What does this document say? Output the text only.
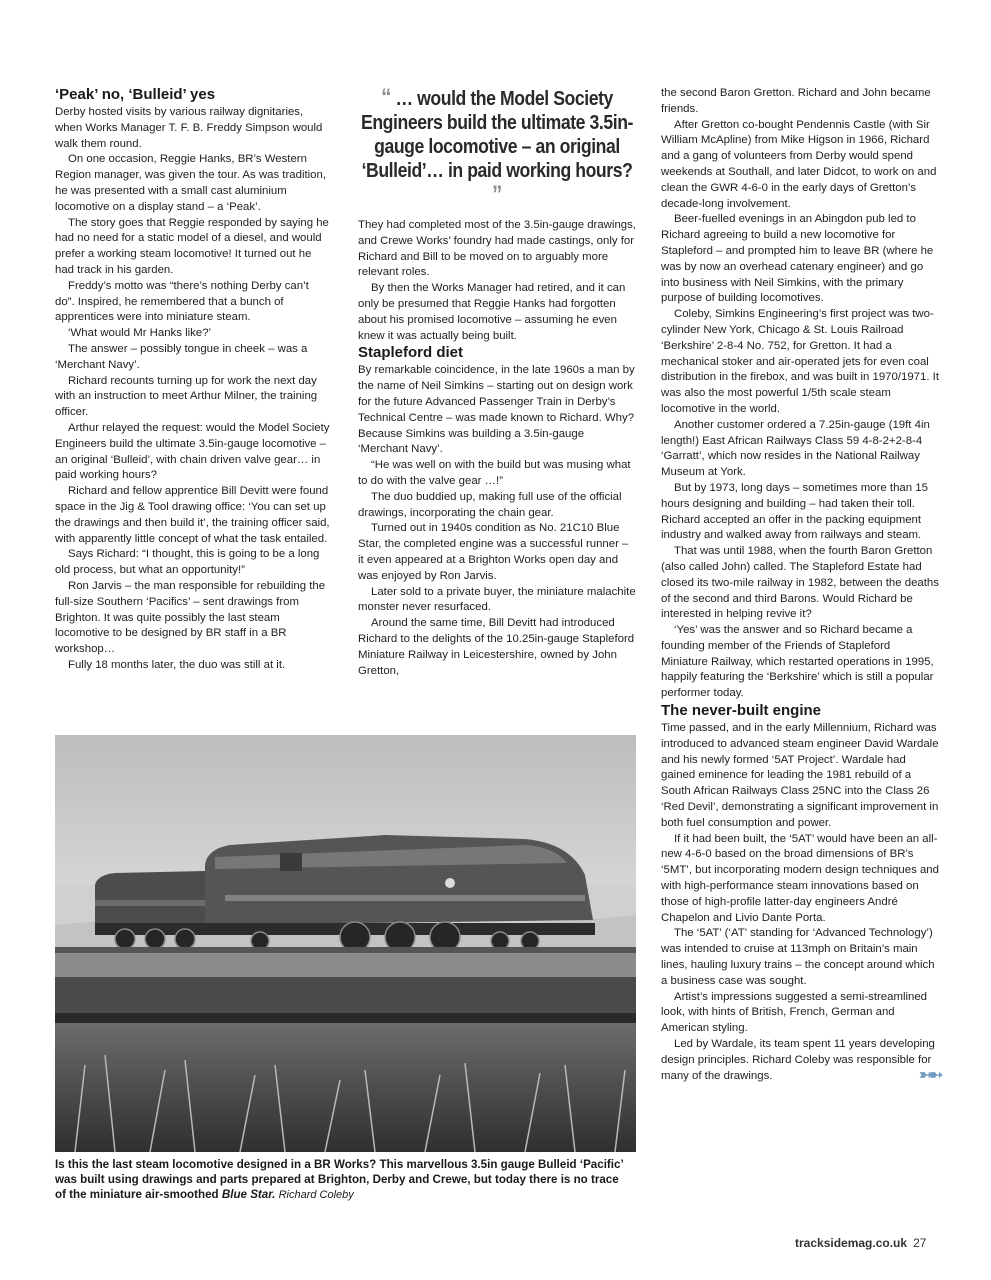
‘Peak’ no, ‘Bulleid’ yes

Derby hosted visits by various railway dignitaries, when Works Manager T. F. B. Freddy Simpson would walk them round.

On one occasion, Reggie Hanks, BR’s Western Region manager, was given the tour. As was tradition, he was presented with a small cast aluminium locomotive on a display stand – a ‘Peak’.

The story goes that Reggie responded by saying he had no need for a static model of a diesel, and would prefer a working steam locomotive! It turned out he had track in his garden.

Freddy’s motto was “there’s nothing Derby can’t do”. Inspired, he remembered that a bunch of apprentices were into miniature steam.

‘What would Mr Hanks like?’

The answer – possibly tongue in cheek – was a ‘Merchant Navy’.

Richard recounts turning up for work the next day with an instruction to meet Arthur Milner, the training officer.

Arthur relayed the request: would the Model Society Engineers build the ultimate 3.5in-gauge locomotive – an original ‘Bulleid’, with chain driven valve gear… in paid working hours?

Richard and fellow apprentice Bill Devitt were found space in the Jig & Tool drawing office: ‘You can set up the drawings and then build it’, the training officer said, with apparently little concept of what the task entailed.

Says Richard: “I thought, this is going to be a long old process, but what an opportunity!”

Ron Jarvis – the man responsible for rebuilding the full-size Southern ‘Pacifics’ – sent drawings from Brighton. It was quite possibly the last steam locomotive to be designed by BR staff in a BR workshop…

Fully 18 months later, the duo was still at it.

“ … would the Model Society Engineers build the ultimate 3.5in-gauge locomotive – an original ‘Bulleid’… in paid working hours? ”

They had completed most of the 3.5in-gauge drawings, and Crewe Works’ foundry had made castings, only for Richard and Bill to be moved on to arguably more relevant roles.

By then the Works Manager had retired, and it can only be presumed that Reggie Hanks had forgotten about his promised locomotive – assuming he even knew it was actually being built.

Stapleford diet

By remarkable coincidence, in the late 1960s a man by the name of Neil Simkins – starting out on design work for the future Advanced Passenger Train in Derby’s Technical Centre – was made known to Richard. Why? Because Simkins was building a 3.5in-gauge ‘Merchant Navy’.

“He was well on with the build but was musing what to do with the valve gear …!”

The duo buddied up, making full use of the official drawings, incorporating the chain gear.

Turned out in 1940s condition as No. 21C10 Blue Star, the completed engine was a successful runner – it even appeared at a Brighton Works open day and was enjoyed by Ron Jarvis.

Later sold to a private buyer, the miniature malachite monster never resurfaced.

Around the same time, Bill Devitt had introduced Richard to the delights of the 10.25in-gauge Stapleford Miniature Railway in Leicestershire, owned by John Gretton,

the second Baron Gretton. Richard and John became friends.

After Gretton co-bought Pendennis Castle (with Sir William McApline) from Mike Higson in 1966, Richard and a gang of volunteers from Derby would spend weekends at Southall, and later Didcot, to work on and clean the GWR 4-6-0 in the early days of Gretton’s decade-long involvement.

Beer-fuelled evenings in an Abingdon pub led to Richard agreeing to build a new locomotive for Stapleford – and prompted him to leave BR (where he was by now an overhead catenary engineer) and go into business with Neil Simkins, with the primary purpose of building locomotives.

Coleby, Simkins Engineering’s first project was two-cylinder New York, Chicago & St. Louis Railroad ‘Berkshire’ 2-8-4 No. 752, for Gretton. It had a mechanical stoker and air-operated jets for even coal distribution in the firebox, and was built in 1970/1971. It was also the most powerful 1/5th scale steam locomotive in the world.

Another customer ordered a 7.25in-gauge (19ft 4in length!) East African Railways Class 59 4-8-2+2-8-4 ‘Garratt’, which now resides in the National Railway Museum at York.

But by 1973, long days – sometimes more than 15 hours designing and building – had taken their toll. Richard accepted an offer in the packing equipment industry and walked away from railways and steam.

That was until 1988, when the fourth Baron Gretton (also called John) called. The Stapleford Estate had closed its two-mile railway in 1982, between the deaths of the second and third Barons. Would Richard be interested in helping revive it?

‘Yes’ was the answer and so Richard became a founding member of the Friends of Stapleford Miniature Railway, which restarted operations in 1995, happily featuring the ‘Berkshire’ which is still a popular performer today.

The never-built engine

Time passed, and in the early Millennium, Richard was introduced to advanced steam engineer David Wardale and his newly formed ‘5AT Project’. Wardale had gained eminence for leading the 1981 rebuild of a South African Railways Class 25NC into the Class 26 ‘Red Devil’, demonstrating a significant improvement in both fuel consumption and power.

If it had been built, the ‘5AT’ would have been an all-new 4-6-0 based on the broad dimensions of BR’s ‘5MT’, but incorporating modern design techniques and with high-performance steam innovations based on those of high-profile latter-day engineers André Chapelon and Livio Dante Porta.

The ‘5AT’ (‘AT’ standing for ‘Advanced Technology’) was intended to cruise at 113mph on Britain’s main lines, hauling luxury trains – the concept around which a business case was sought.

Artist’s impressions suggested a semi-streamlined look, with hints of British, French, German and American styling.

Led by Wardale, its team spent 11 years developing design principles. Richard Coleby was responsible for many of the drawings.	➳➳
Is this the last steam locomotive designed in a BR Works? This marvellous 3.5in gauge Bulleid ‘Pacific’ was built using drawings and parts prepared at Brighton, Derby and Crewe, but today there is no trace of the miniature air-smoothed Blue Star. Richard Coleby
tracksidemag.co.uk 27
